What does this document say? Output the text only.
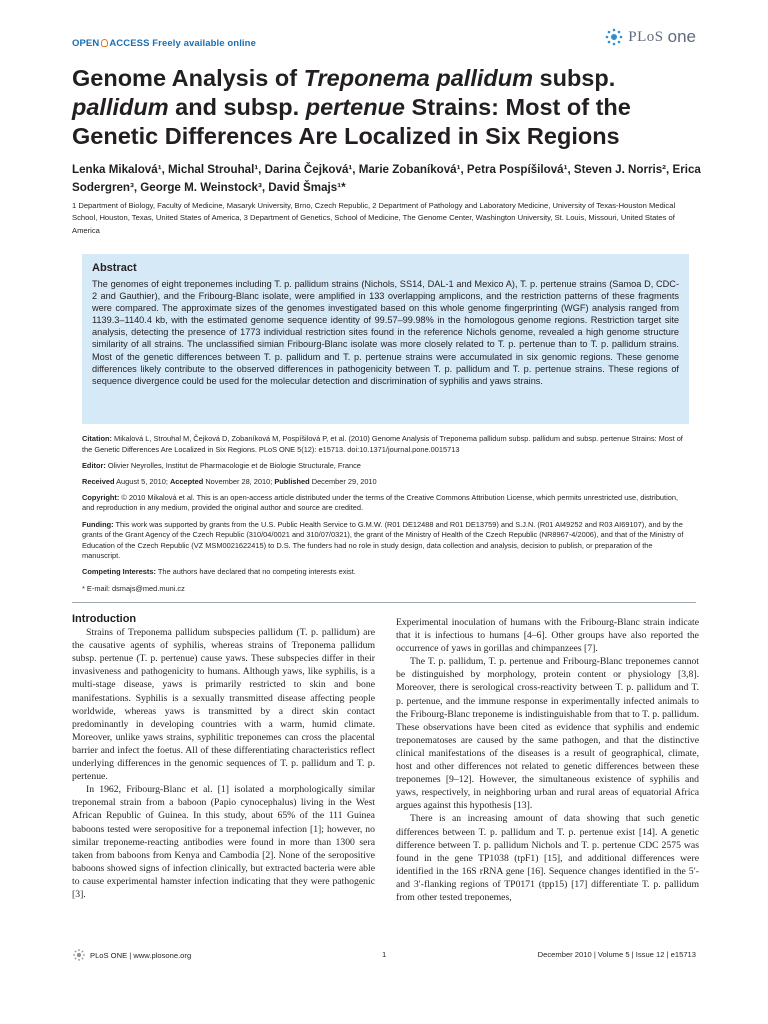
OPEN ACCESS Freely available online	PLoS one
Genome Analysis of Treponema pallidum subsp. pallidum and subsp. pertenue Strains: Most of the Genetic Differences Are Localized in Six Regions
Lenka Mikalová¹, Michal Strouhal¹, Darina Čejková¹, Marie Zobaníková¹, Petra Pospíšilová¹, Steven J. Norris², Erica Sodergren³, George M. Weinstock³, David Šmajs¹*
1 Department of Biology, Faculty of Medicine, Masaryk University, Brno, Czech Republic, 2 Department of Pathology and Laboratory Medicine, University of Texas-Houston Medical School, Houston, Texas, United States of America, 3 Department of Genetics, School of Medicine, The Genome Center, Washington University, St. Louis, Missouri, United States of America
Abstract

The genomes of eight treponemes including T. p. pallidum strains (Nichols, SS14, DAL-1 and Mexico A), T. p. pertenue strains (Samoa D, CDC-2 and Gauthier), and the Fribourg-Blanc isolate, were amplified in 133 overlapping amplicons, and the restriction patterns of these fragments were compared. The approximate sizes of the genomes investigated based on this whole genome fingerprinting (WGF) analysis ranged from 1139.3–1140.4 kb, with the estimated genome sequence identity of 99.57–99.98% in the homologous genome regions. Restriction target site analysis, detecting the presence of 1773 individual restriction sites found in the reference Nichols genome, revealed a high genome structure similarity of all strains. The unclassified simian Fribourg-Blanc isolate was more closely related to T. p. pertenue than to T. p. pallidum strains. Most of the genetic differences between T. p. pallidum and T. p. pertenue strains were accumulated in six genomic regions. These genome differences likely contribute to the observed differences in pathogenicity between T. p. pallidum and T. p. pertenue strains. These regions of sequence divergence could be used for the molecular detection and discrimination of syphilis and yaws strains.

Citation: Mikalová L, Strouhal M, Čejková D, Zobaníková M, Pospíšilová P, et al. (2010) Genome Analysis of Treponema pallidum subsp. pallidum and subsp. pertenue Strains: Most of the Genetic Differences Are Localized in Six Regions. PLoS ONE 5(12): e15713. doi:10.1371/journal.pone.0015713

Editor: Olivier Neyrolles, Institut de Pharmacologie et de Biologie Structurale, France

Received August 5, 2010; Accepted November 28, 2010; Published December 29, 2010

Copyright: © 2010 Mikalová et al. This is an open-access article distributed under the terms of the Creative Commons Attribution License, which permits unrestricted use, distribution, and reproduction in any medium, provided the original author and source are credited.

Funding: This work was supported by grants from the U.S. Public Health Service to G.M.W. (R01 DE12488 and R01 DE13759) and S.J.N. (R01 AI49252 and R03 AI69107), and by the grants of the Grant Agency of the Czech Republic (310/04/0021 and 310/07/0321), the grant of the Ministry of Health of the Czech Republic (NR8967-4/2006), and that of the Ministry of Education of the Czech Republic (VZ MSM0021622415) to D.S. The funders had no role in study design, data collection and analysis, decision to publish, or preparation of the manuscript.

Competing Interests: The authors have declared that no competing interests exist.

* E-mail: dsmajs@med.muni.cz

Introduction

Strains of Treponema pallidum subspecies pallidum (T. p. pallidum) are the causative agents of syphilis, whereas strains of Treponema pallidum subsp. pertenue (T. p. pertenue) cause yaws. These subspecies differ in their invasiveness and pathogenicity to humans. Although yaws, like syphilis, is a multi-stage disease, yaws is primarily restricted to skin and bone manifestations. Syphilis is a sexually transmitted disease affecting people worldwide, whereas yaws is transmitted by a direct skin contact predominantly in developing countries with a warm, humid climate. Moreover, unlike yaws strains, syphilitic treponemes can cross the placental barrier and infect the foetus. All of these differentiating characteristics reflect underlying differences in the genomic sequences of T. p. pallidum and T. p. pertenue.

In 1962, Fribourg-Blanc et al. [1] isolated a morphologically similar treponemal strain from a baboon (Papio cynocephalus) living in the West African Republic of Guinea. In this study, about 65% of the 111 Guinea baboons tested were seropositive for a treponemal infection [1]; however, no similar treponeme-reacting antibodies were found in more than 1300 sera taken from baboons from Kenya and Cambodia [2]. None of the seropositive baboons showed signs of infection clinically, but extracted bacteria were able to cause experimental hamster infection indicating that they were pathogenic [3].

Experimental inoculation of humans with the Fribourg-Blanc strain indicate that it is infectious to humans [4–6]. Other groups have also reported the occurrence of yaws in gorillas and chimpanzees [7].

The T. p. pallidum, T. p. pertenue and Fribourg-Blanc treponemes cannot be distinguished by morphology, protein content or physiology [3,8]. Moreover, there is serological cross-reactivity between T. p. pallidum and T. p. pertenue, and the immune response in experimentally infected animals to the Fribourg-Blanc treponeme is indistinguishable from that to T. p. pallidum. These observations have been cited as evidence that syphilis and endemic treponematoses are caused by the same pathogen, and that the distinctive clinical manifestations of the diseases is a result of geographical, climate, host and other differences not related to genetic differences between these treponemes [9–12]. However, the simultaneous existence of syphilis and yaws, respectively, in neighboring urban and rural areas of equatorial Africa argues against this hypothesis [13].

There is an increasing amount of data showing that such genetic differences between T. p. pallidum and T. p. pertenue exist [14]. A genetic difference between T. p. pallidum Nichols and T. p. pertenue CDC 2575 was found in the gene TP1038 (tpF1) [15], and additional differences were identified in the 16S rRNA gene [16]. Sequence changes identified in the 5′- and 3′-flanking regions of TP0171 (tpp15) [17] differentiate T. p. pallidum from other tested treponemes,

PLoS ONE | www.plosone.org	1	December 2010 | Volume 5 | Issue 12 | e15713
